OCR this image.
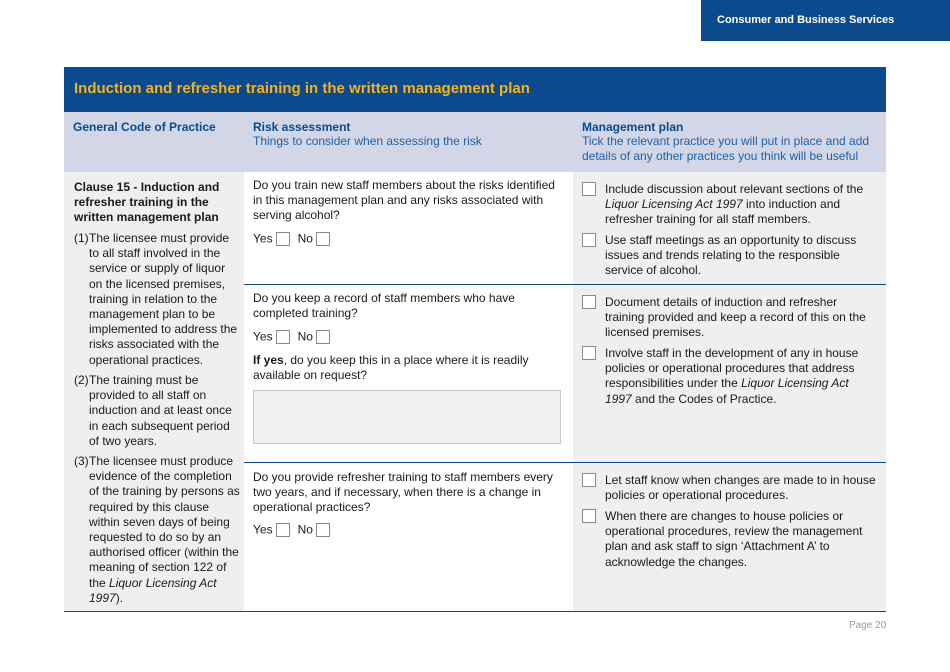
Consumer and Business Services
Induction and refresher training in the written management plan
General Code of Practice	Risk assessment
Things to consider when assessing the risk
Management plan
Tick the relevant practice you will put in place and add details of any other practices you think will be useful
Clause 15 - Induction and refresher training in the written management plan
(1) The licensee must provide to all staff involved in the service or supply of liquor on the licensed premises, training in relation to the management plan to be implemented to address the risks associated with the operational practices.
(2) The training must be provided to all staff on induction and at least once in each subsequent period of two years.
(3) The licensee must produce evidence of the completion of the training by persons as required by this clause within seven days of being requested to do so by an authorised officer (within the meaning of section 122 of the Liquor Licensing Act 1997).
Do you train new staff members about the risks identified in this management plan and any risks associated with serving alcohol?
Yes No
Do you keep a record of staff members who have completed training?
Yes No
If yes, do you keep this in a place where it is readily available on request?
Do you provide refresher training to staff members every two years, and if necessary, when there is a change in operational practices?
Yes No
Include discussion about relevant sections of the Liquor Licensing Act 1997 into induction and refresher training for all staff members.
Use staff meetings as an opportunity to discuss issues and trends relating to the responsible service of alcohol.
Document details of induction and refresher training provided and keep a record of this on the licensed premises.
Involve staff in the development of any in house policies or operational procedures that address responsibilities under the Liquor Licensing Act 1997 and the Codes of Practice.
Let staff know when changes are made to in house policies or operational procedures.
When there are changes to house policies or operational procedures, review the management plan and ask staff to sign ‘Attachment A’ to acknowledge the changes.
Page 20
